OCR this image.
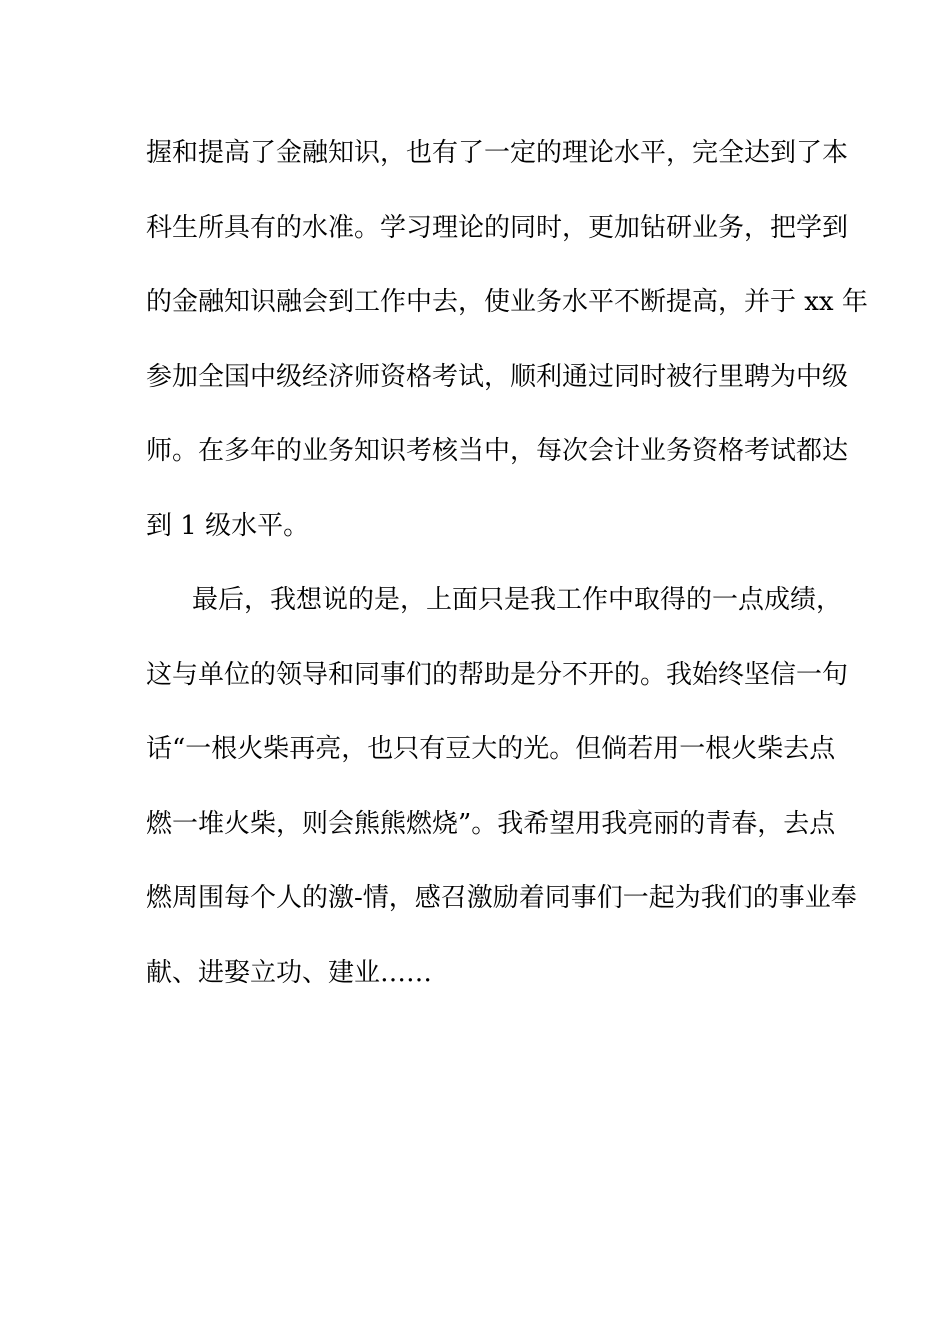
握和提高了金融知识，也有了一定的理论水平，完全达到了本
科生所具有的水准。学习理论的同时，更加钻研业务，把学到
的金融知识融会到工作中去，使业务水平不断提高，并于 xx 年
参加全国中级经济师资格考试，顺利通过同时被行里聘为中级
师。在多年的业务知识考核当中，每次会计业务资格考试都达
到 1 级水平。
最后，我想说的是，上面只是我工作中取得的一点成绩，
这与单位的领导和同事们的帮助是分不开的。我始终坚信一句
话“一根火柴再亮，也只有豆大的光。但倘若用一根火柴去点
燃一堆火柴，则会熊熊燃烧”。我希望用我亮丽的青春，去点
燃周围每个人的激-情，感召激励着同事们一起为我们的事业奉
献、进娶立功、建业……
